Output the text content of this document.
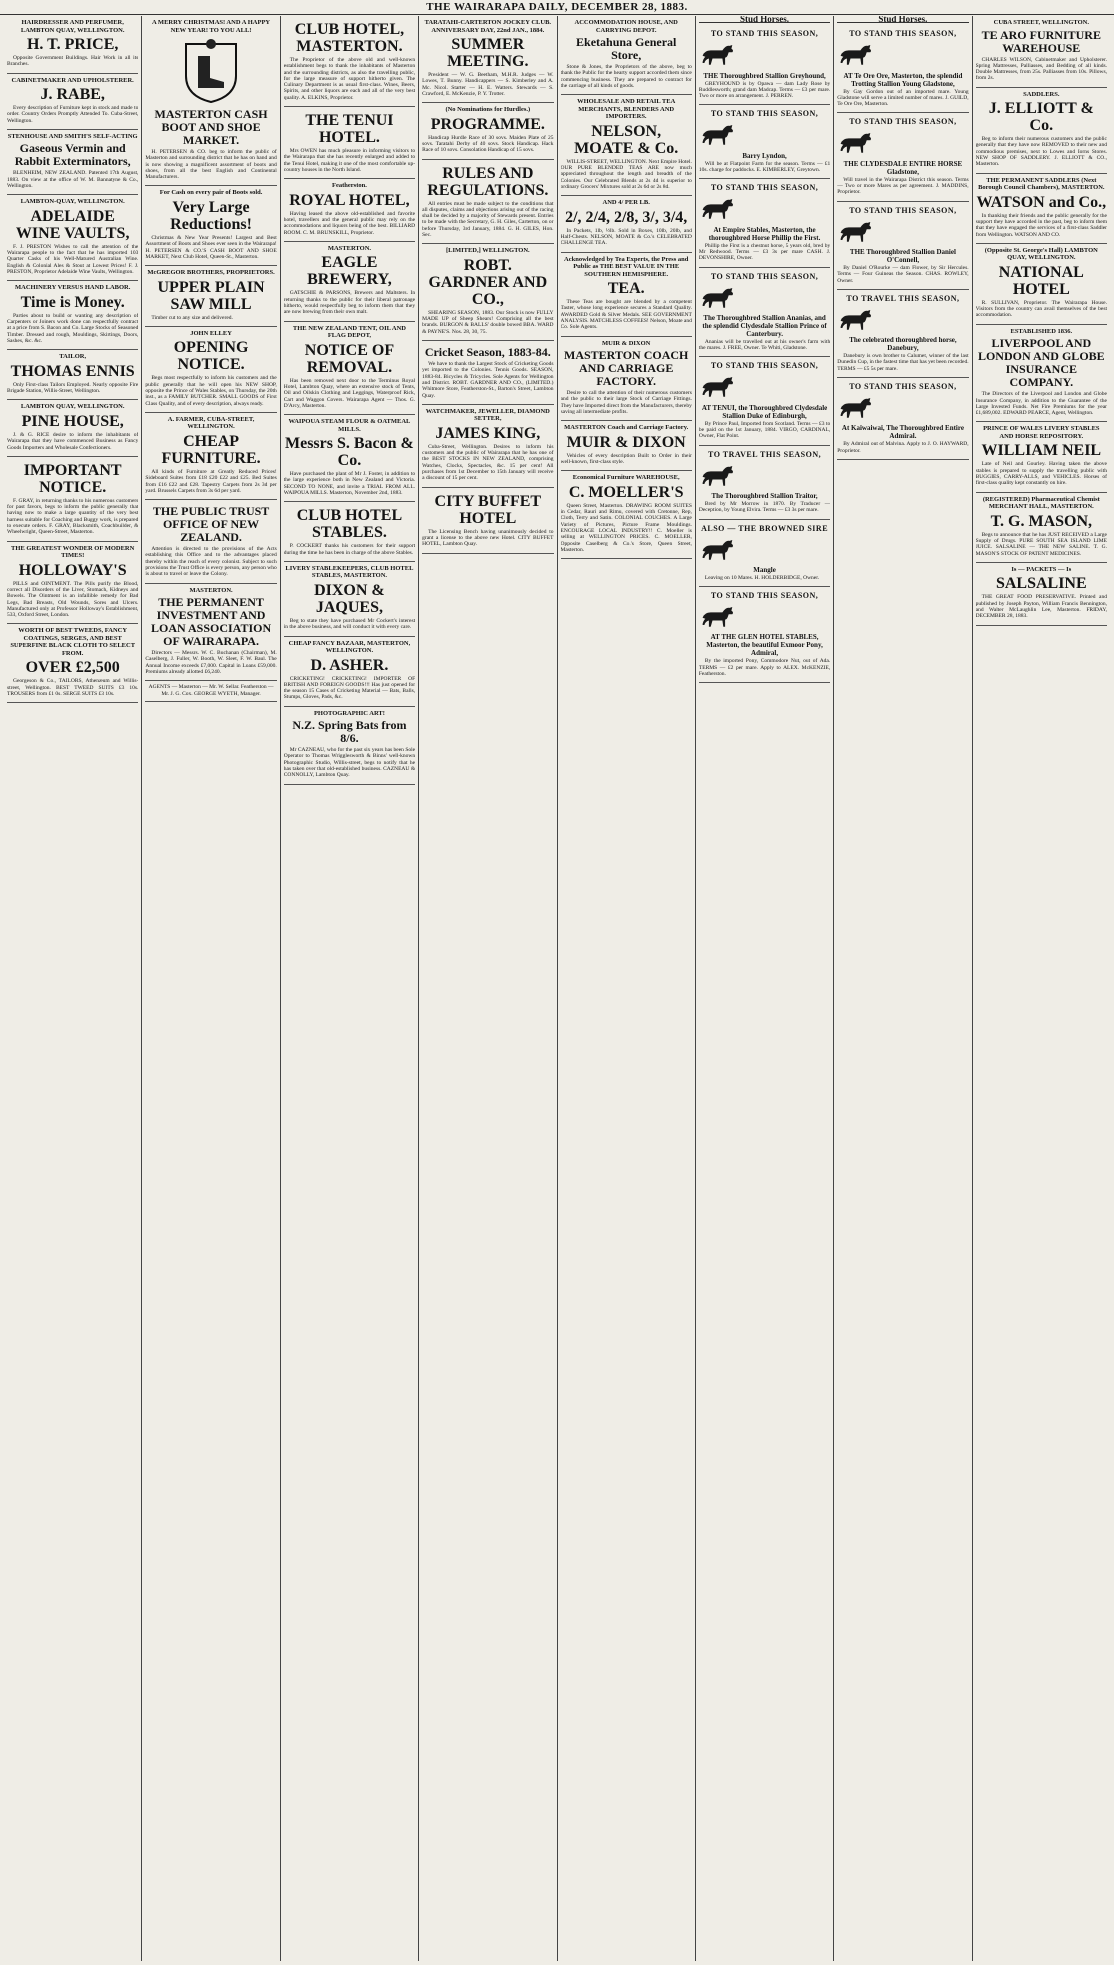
THE WAIRARAPA DAILY, DECEMBER 28, 1883.
HAIRDRESSER AND PERFUMER, LAMBTON QUAY, WELLINGTON.
H. T. PRICE,

Opposite Government Buildings. Hair Work in all its Branches.

CABINETMAKER AND UPHOLSTERER.
J. RABE,

Every description of Furniture kept in stock and made to order. Country Orders Promptly Attended To. Cuba-Street, Wellington.

STENHOUSE AND SMITH'S SELF-ACTING
Gaseous Vermin and Rabbit Exterminators,

BLENHEIM, NEW ZEALAND. Patented 17th August, 1883. On view at the office of W. M. Bannatyne & Co., Wellington.

LAMBTON-QUAY, WELLINGTON.
ADELAIDE WINE VAULTS,

F. J. PRESTON Wishes to call the attention of the Wairarapa people to the fact that he has imported 103 Quarter Casks of his Well-Matured Australian Wine. English & Colonial Ales & Stout at Lowest Prices! F. J. PRESTON, Proprietor Adelaide Wine Vaults, Wellington.

MACHINERY VERSUS HAND LABOR.
Time is Money.

Parties about to build or wanting any description of Carpenters or Joiners work done can respectfully contract at a price from S. Bacon and Co. Large Stocks of Seasoned Timber. Dressed and rough, Mouldings, Skirtings, Doors, Sashes, &c. &c.

TAILOR,
THOMAS ENNIS

Only First-class Tailors Employed. Nearly opposite Fire Brigade Station, Willis-Street, Wellington.

LAMBTON QUAY, WELLINGTON.
PINE HOUSE,

J. & G. RICE desire to inform the inhabitants of Wairarapa that they have commenced Business as Fancy Goods Importers and Wholesale Confectioners.

IMPORTANT NOTICE.

F. GRAY, in returning thanks to his numerous customers for past favors, begs to inform the public generally that having now to make a large quantity of the very best harness suitable for Coaching and Buggy work, is prepared to execute orders. F. GRAY, Blacksmith, Coachbuilder, & Wheelwright, Queen-Street, Masterton.

THE GREATEST WONDER OF MODERN TIMES!
HOLLOWAY'S

PILLS and OINTMENT. The Pills purify the Blood, correct all Disorders of the Liver, Stomach, Kidneys and Bowels. The Ointment is an infallible remedy for Bad Legs, Bad Breasts, Old Wounds, Sores and Ulcers. Manufactured only at Professor Holloway's Establishment, 533, Oxford Street, London.

WORTH OF BEST TWEEDS, FANCY COATINGS, SERGES, AND BEST SUPERFINE BLACK CLOTH TO SELECT FROM.
OVER £2,500

Georgeson & Co., TAILORS, Athenæum and Willis-street, Wellington. BEST TWEED SUITS £3 10s. TROUSERS from £1 0s. SERGE SUITS £3 10s.

A MERRY CHRISTMAS! AND A HAPPY NEW YEAR! TO YOU ALL!
MASTERTON CASH BOOT AND SHOE MARKET.

H. PETERSEN & CO. beg to inform the public of Masterton and surrounding district that he has on hand and is now showing a magnificent assortment of boots and shoes, from all the best English and Continental Manufacturers.

For Cash on every pair of Boots sold.
Very Large Reductions!

Christmas & New Year Presents! Largest and Best Assortment of Boots and Shoes ever seen in the Wairarapa! H. PETERSEN & CO.'S CASH BOOT AND SHOE MARKET, Next Club Hotel, Queen-St., Masterton.

McGREGOR BROTHERS, PROPRIETORS.
UPPER PLAIN SAW MILL

Timber cut to any size and delivered.

JOHN ELLEY
OPENING NOTICE.

Begs most respectfully to inform his customers and the public generally that he will open his NEW SHOP, opposite the Prince of Wales Stables, on Thursday, the 20th inst., as a FAMILY BUTCHER. SMALL GOODS of First Class Quality, and of every description, always ready.

A. FARMER, CUBA-STREET, WELLINGTON.
CHEAP FURNITURE.

All kinds of Furniture at Greatly Reduced Prices! Sideboard Suites from £18 £20 £22 and £25. Bed Suites from £16 £22 and £28. Tapestry Carpets from 2s 3d per yard. Brussels Carpets from 3s 6d per yard.

THE PUBLIC TRUST OFFICE OF NEW ZEALAND.

Attention is directed to the provisions of the Acts establishing this Office and to the advantages placed thereby within the reach of every colonist. Subject to such provisions the Trust Office is every person, any person who is about to travel or leave the Colony.

MASTERTON.
THE PERMANENT INVESTMENT AND LOAN ASSOCIATION OF WAIRARAPA.

Directors — Messrs. W. C. Buchanan (Chairman), M. Caselberg, J. Fuller, W. Booth, W. Sleet, F. W. Baul. The Annual Income exceeds £7,000. Capital in Loans £59,000. Premiums already allotted £6,240.

AGENTS — Masterton — Mr. W. Sellar. Featherston — Mr. J. G. Cox. GEORGE WYETH, Manager.
CLUB HOTEL, MASTERTON.

The Proprietor of the above old and well-known establishment begs to thank the inhabitants of Masterton and the surrounding districts, as also the travelling public, for the large measure of support hitherto given. The Culinary Department is as usual first-class. Wines, Beers, Spirits, and other liquors are each and all of the very best quality. A. ELKINS, Proprietor.

THE TENUI HOTEL.

Mrs OWEN has much pleasure in informing visitors to the Wairarapa that she has recently enlarged and added to the Tenui Hotel, making it one of the most comfortable up-country houses in the North Island.

Featherston.
ROYAL HOTEL,

Having leased the above old-established and favorite hotel, travellers and the general public may rely on the accommodations and liquors being of the best. BILLIARD ROOM. C. M. BRUNSKILL, Proprietor.

MASTERTON.
EAGLE BREWERY,

GATSCHIE & PARSONS, Brewers and Maltsters. In returning thanks to the public for their liberal patronage hitherto, would respectfully beg to inform them that they are now brewing from their own malt.

THE NEW ZEALAND TENT, OIL AND FLAG DEPOT,
NOTICE OF REMOVAL.

Has been removed next door to the Terminus Royal Hotel, Lambton Quay, where an extensive stock of Tents, Oil and Oilskin Clothing and Leggings, Waterproof Rick, Cart and Waggon Covers. Wairarapa Agent — Thos. G. D'Arcy, Masterton.

WAIPOUA STEAM FLOUR & OATMEAL MILLS.
Messrs S. Bacon & Co.

Have purchased the plant of Mr J. Foster, in addition to the large experience both in New Zealand and Victoria. SECOND TO NONE, and invite a TRIAL FROM ALL. WAIPOUA MILLS. Masterton, November 2nd, 1883.

CLUB HOTEL STABLES.

P. COCKERT thanks his customers for their support during the time he has been in charge of the above Stables.

LIVERY STABLEKEEPERS, CLUB HOTEL STABLES, MASTERTON.
DIXON & JAQUES,

Beg to state they have purchased Mr Cockert's interest in the above business, and will conduct it with every care.

CHEAP FANCY BAZAAR, MASTERTON, WELLINGTON.
D. ASHER.

CRICKETING! CRICKETING! IMPORTER OF BRITISH AND FOREIGN GOODS!!! Has just opened for the season 15 Cases of Cricketing Material — Bats, Balls, Stumps, Gloves, Pads, &c.

PHOTOGRAPHIC ART!
N.Z. Spring Bats from 8/6.

Mr CAZNEAU, who for the past six years has been Sole Operator to Thomas Wrigglesworth & Binns' well-known Photographic Studio, Willis-street, begs to notify that he has taken over that old-established business. CAZNEAU & CONNOLLY, Lambton Quay.

TARATAHI-CARTERTON JOCKEY CLUB. ANNIVERSARY DAY, 22nd JAN., 1884.
SUMMER MEETING.

President — W. G. Beetham, M.H.R. Judges — W. Lowes, T. Bunny. Handicappers — S. Kimberley and A. Mc. Nicol. Starter — H. E. Watters. Stewards — S. Crawford, E. McKenzie, P. Y. Trotter.

(No Nominations for Hurdles.)
PROGRAMME.

Handicap Hurdle Race of 30 sovs. Maiden Plate of 25 sovs. Taratahi Derby of 40 sovs. Stock Handicap. Hack Race of 10 sovs. Consolation Handicap of 15 sovs.

RULES AND REGULATIONS.

All entries must be made subject to the conditions that all disputes, claims and objections arising out of the racing shall be decided by a majority of Stewards present. Entries to be made with the Secretary, G. H. Giles, Carterton, on or before Thursday, 3rd January, 1884. G. H. GILES, Hon. Sec.

[LIMITED,] WELLINGTON.
ROBT. GARDNER AND CO.,

SHEARING SEASON, 1883. Our Stock is now FULLY MADE UP of Sheep Shears! Comprising all the best brands. BURGON & BALLS' double bowed BBA. WARD & PAYNE'S. Nos. 28, 30, 75.

Cricket Season, 1883-84.

We have to thank the Largest Stock of Cricketing Goods yet imported to the Colonies. Tennis Goods. SEASON, 1883-84. Bicycles & Tricycles. Sole Agents for Wellington and District. ROBT. GARDNER AND CO., (LIMITED.) Whitmore Store, Featherston-St., Barton's Street, Lambton Quay.

WATCHMAKER, JEWELLER, DIAMOND SETTER,
JAMES KING,

Cuba-Street, Wellington. Desires to inform his customers and the public of Wairarapa that he has one of the BEST STOCKS IN NEW ZEALAND, comprising Watches, Clocks, Spectacles, &c. 15 per cent! All purchases from 1st December to 15th January will receive a discount of 15 per cent.

CITY BUFFET HOTEL

The Licensing Bench having unanimously decided to grant a license to the above new Hotel. CITY BUFFET HOTEL, Lambton Quay.

ACCOMMODATION HOUSE, AND CARRYING DEPOT.
Eketahuna General Store,

Stone & Jones, the Proprietors of the above, beg to thank the Public for the hearty support accorded them since commencing business. They are prepared to contract for the carriage of all kinds of goods.

WHOLESALE AND RETAIL TEA MERCHANTS, BLENDERS AND IMPORTERS.
NELSON, MOATE & Co.

WILLIS-STREET, WELLINGTON. Next Empire Hotel. OUR PURE BLENDED TEAS ARE now much appreciated throughout the length and breadth of the Colonies. Our Celebrated Blends at 2s 4d is superior to ordinary Grocers' Mixtures sold at 2s 6d or 2s 8d.

AND 4/ PER LB.
2/, 2/4, 2/8, 3/, 3/4,

In Packets, 1lb, ½lb. Sold in Boxes, 10lb, 20lb, and Half-Chests. NELSON, MOATE & Co.'s CELEBRATED CHALLENGE TEA.

Acknowledged by Tea Experts, the Press and Public as THE BEST VALUE IN THE SOUTHERN HEMISPHERE.
TEA.

These Teas are bought are blended by a competent Taster, whose long experience secures a Standard Quality. AWARDED Gold & Silver Medals. SEE GOVERNMENT ANALYSIS. MATCHLESS COFFEES! Nelson, Moate and Co. Sole Agents.

MUIR & DIXON
MASTERTON COACH AND CARRIAGE FACTORY.

Desire to call the attention of their numerous customers and the public to their large Stock of Carriage Fittings. They have Imported direct from the Manufacturers, thereby saving all intermediate profits.

MASTERTON Coach and Carriage Factory.
MUIR & DIXON

Vehicles of every description Built to Order in their well-known, first-class style.

Economical Furniture WAREHOUSE,
C. MOELLER'S

Queen Street, Masterton. DRAWING ROOM SUITES in Cedar, Rauri and Rimu, covered with Cretonne, Rep, Cloth, Terry and Satin. COLONIAL COUCHES. A Large Variety of Pictures, Picture Frame Mouldings. ENCOURAGE LOCAL INDUSTRY!! C. Moeller is selling at WELLINGTON PRICES. C. MOELLER, Opposite Caselberg & Co.'s Store, Queen Street, Masterton.

Stud Horses.
TO STAND THIS SEASON,
THE Thoroughbred Stallion Greyhound,

GREYHOUND is by Opawa — dam Lady Rose by Ruddlesworth; grand dam Madcap. Terms — £3 per mare. Two or more on arrangement. J. PERREN.

TO STAND THIS SEASON,
Barry Lyndon,

Will be at Flatpoint Farm for the season. Terms — £1 10s. charge for paddocks. E. KIMBERLEY, Greytown.

TO STAND THIS SEASON,
At Empire Stables, Masterton, the thoroughbred Horse Phillip the First.

Phillip the First is a chestnut horse, 5 years old, bred by Mr Redwood. Terms — £3 3s per mare CASH. J. DEVONSHIRE, Owner.

TO STAND THIS SEASON,
The Thoroughbred Stallion Ananias, and the splendid Clydesdale Stallion Prince of Canterbury.

Ananias will be travelled out at his owner's farm with the mares. J. FREE, Owner. Te Whiti, Gladstone.

TO STAND THIS SEASON,
AT TENUI, the Thoroughbred Clydesdale Stallion Duke of Edinburgh,

By Prince Paul, Imported from Scotland. Terms — £3 to be paid on the 1st January, 1884. VIRGO, CARDINAL, Owner, Flat Point.

TO TRAVEL THIS SEASON,
The Thoroughbred Stallion Traitor,

Bred by Mr Morrow in 1870. By Traducer — Deception, by Young Elvira. Terms — £3 3s per mare.

ALSO — THE BROWNED SIRE
Mangle

Leaving on 10 Mares. H. HOLDERBIDGE, Owner.

TO STAND THIS SEASON,
AT THE GLEN HOTEL STABLES, Masterton, the beautiful Exmoor Pony, Admiral,

By the imported Pony, Commodore Nut, out of Ada. TERMS — £2 per mare. Apply to ALEX. McKENZIE, Featherston.

Stud Horses.
TO STAND THIS SEASON,
AT Te Ore Ore, Masterton, the splendid Trotting Stallion Young Gladstone,

By Gay Gordon out of an imported mare. Young Gladstone will serve a limited number of mares. J. GUILD, Te Ore Ore, Masterton.

TO STAND THIS SEASON,
THE CLYDESDALE ENTIRE HORSE Gladstone,

Will travel in the Wairarapa District this season. Terms — Two or more Mares as per agreement. J. MADDINS, Proprietor.

TO STAND THIS SEASON,
THE Thoroughbred Stallion Daniel O'Connell,

By Daniel O'Rourke — dam Flower, by Sir Hercules. Terms — Four Guineas the Season. CHAS. ROWLEY, Owner.

TO TRAVEL THIS SEASON,
The celebrated thoroughbred horse, Danebury,

Danebury is own brother to Calumet, winner of the last Dunedin Cup, in the fastest time that has yet been recorded. TERMS — £5 5s per mare.

TO STAND THIS SEASON,
At Kaiwaiwai, The Thoroughbred Entire Admiral.

By Admiral out of Malvina. Apply to J. O. HAYWARD, Proprietor.

CUBA STREET, WELLINGTON.
TE ARO FURNITURE WAREHOUSE

CHARLES WILSON, Cabinetmaker and Upholsterer. Spring Mattresses, Palliasses, and Bedding of all kinds. Double Mattresses, from 25s. Palliasses from 10s. Pillows, from 2s.

SADDLERS.
J. ELLIOTT & Co.

Beg to inform their numerous customers and the public generally that they have now REMOVED to their new and commodious premises, next to Lowes and Iorns Stores. NEW SHOP OF SADDLERY. J. ELLIOTT & CO., Masterton.

THE PERMANENT SADDLERS (Next Borough Council Chambers), MASTERTON.
WATSON and Co.,

In thanking their friends and the public generally for the support they have accorded in the past, beg to inform them that they have engaged the services of a first-class Saddler from Wellington. WATSON AND CO.

(Opposite St. George's Hall) LAMBTON QUAY, WELLINGTON.
NATIONAL HOTEL

R. SULLIVAN, Proprietor. The Wairarapa House. Visitors from the country can avail themselves of the best accommodation.

ESTABLISHED 1836.
LIVERPOOL AND LONDON AND GLOBE INSURANCE COMPANY.

The Directors of the Liverpool and London and Globe Insurance Company, in addition to the Guarantee of the Large Invested Funds. Net Fire Premiums for the year £1,689,002. EDWARD PEARCE, Agent, Wellington.

PRINCE OF WALES LIVERY STABLES AND HORSE REPOSITORY.
WILLIAM NEIL

Late of Neil and Gourley. Having taken the above stables is prepared to supply the travelling public with BUGGIES, CARRY-ALLS, and VEHICLES. Horses of first-class quality kept constantly on hire.

(REGISTERED) Pharmaceutical Chemist MERCHANT HALL, MASTERTON.
T. G. MASON,

Begs to announce that he has JUST RECEIVED a Large Supply of Drugs. PURE SOUTH SEA ISLAND LIME JUICE. SALSALINE — THE NEW SALINE. T. G. MASON'S STOCK OF PATENT MEDICINES.

Is — PACKETS — Is
SALSALINE

THE GREAT FOOD PRESERVATIVE. Printed and published by Joseph Payton, William Francis Bennington, and Walter McLaughlin Lee, Masterton. FRIDAY, DECEMBER 28, 1883.
